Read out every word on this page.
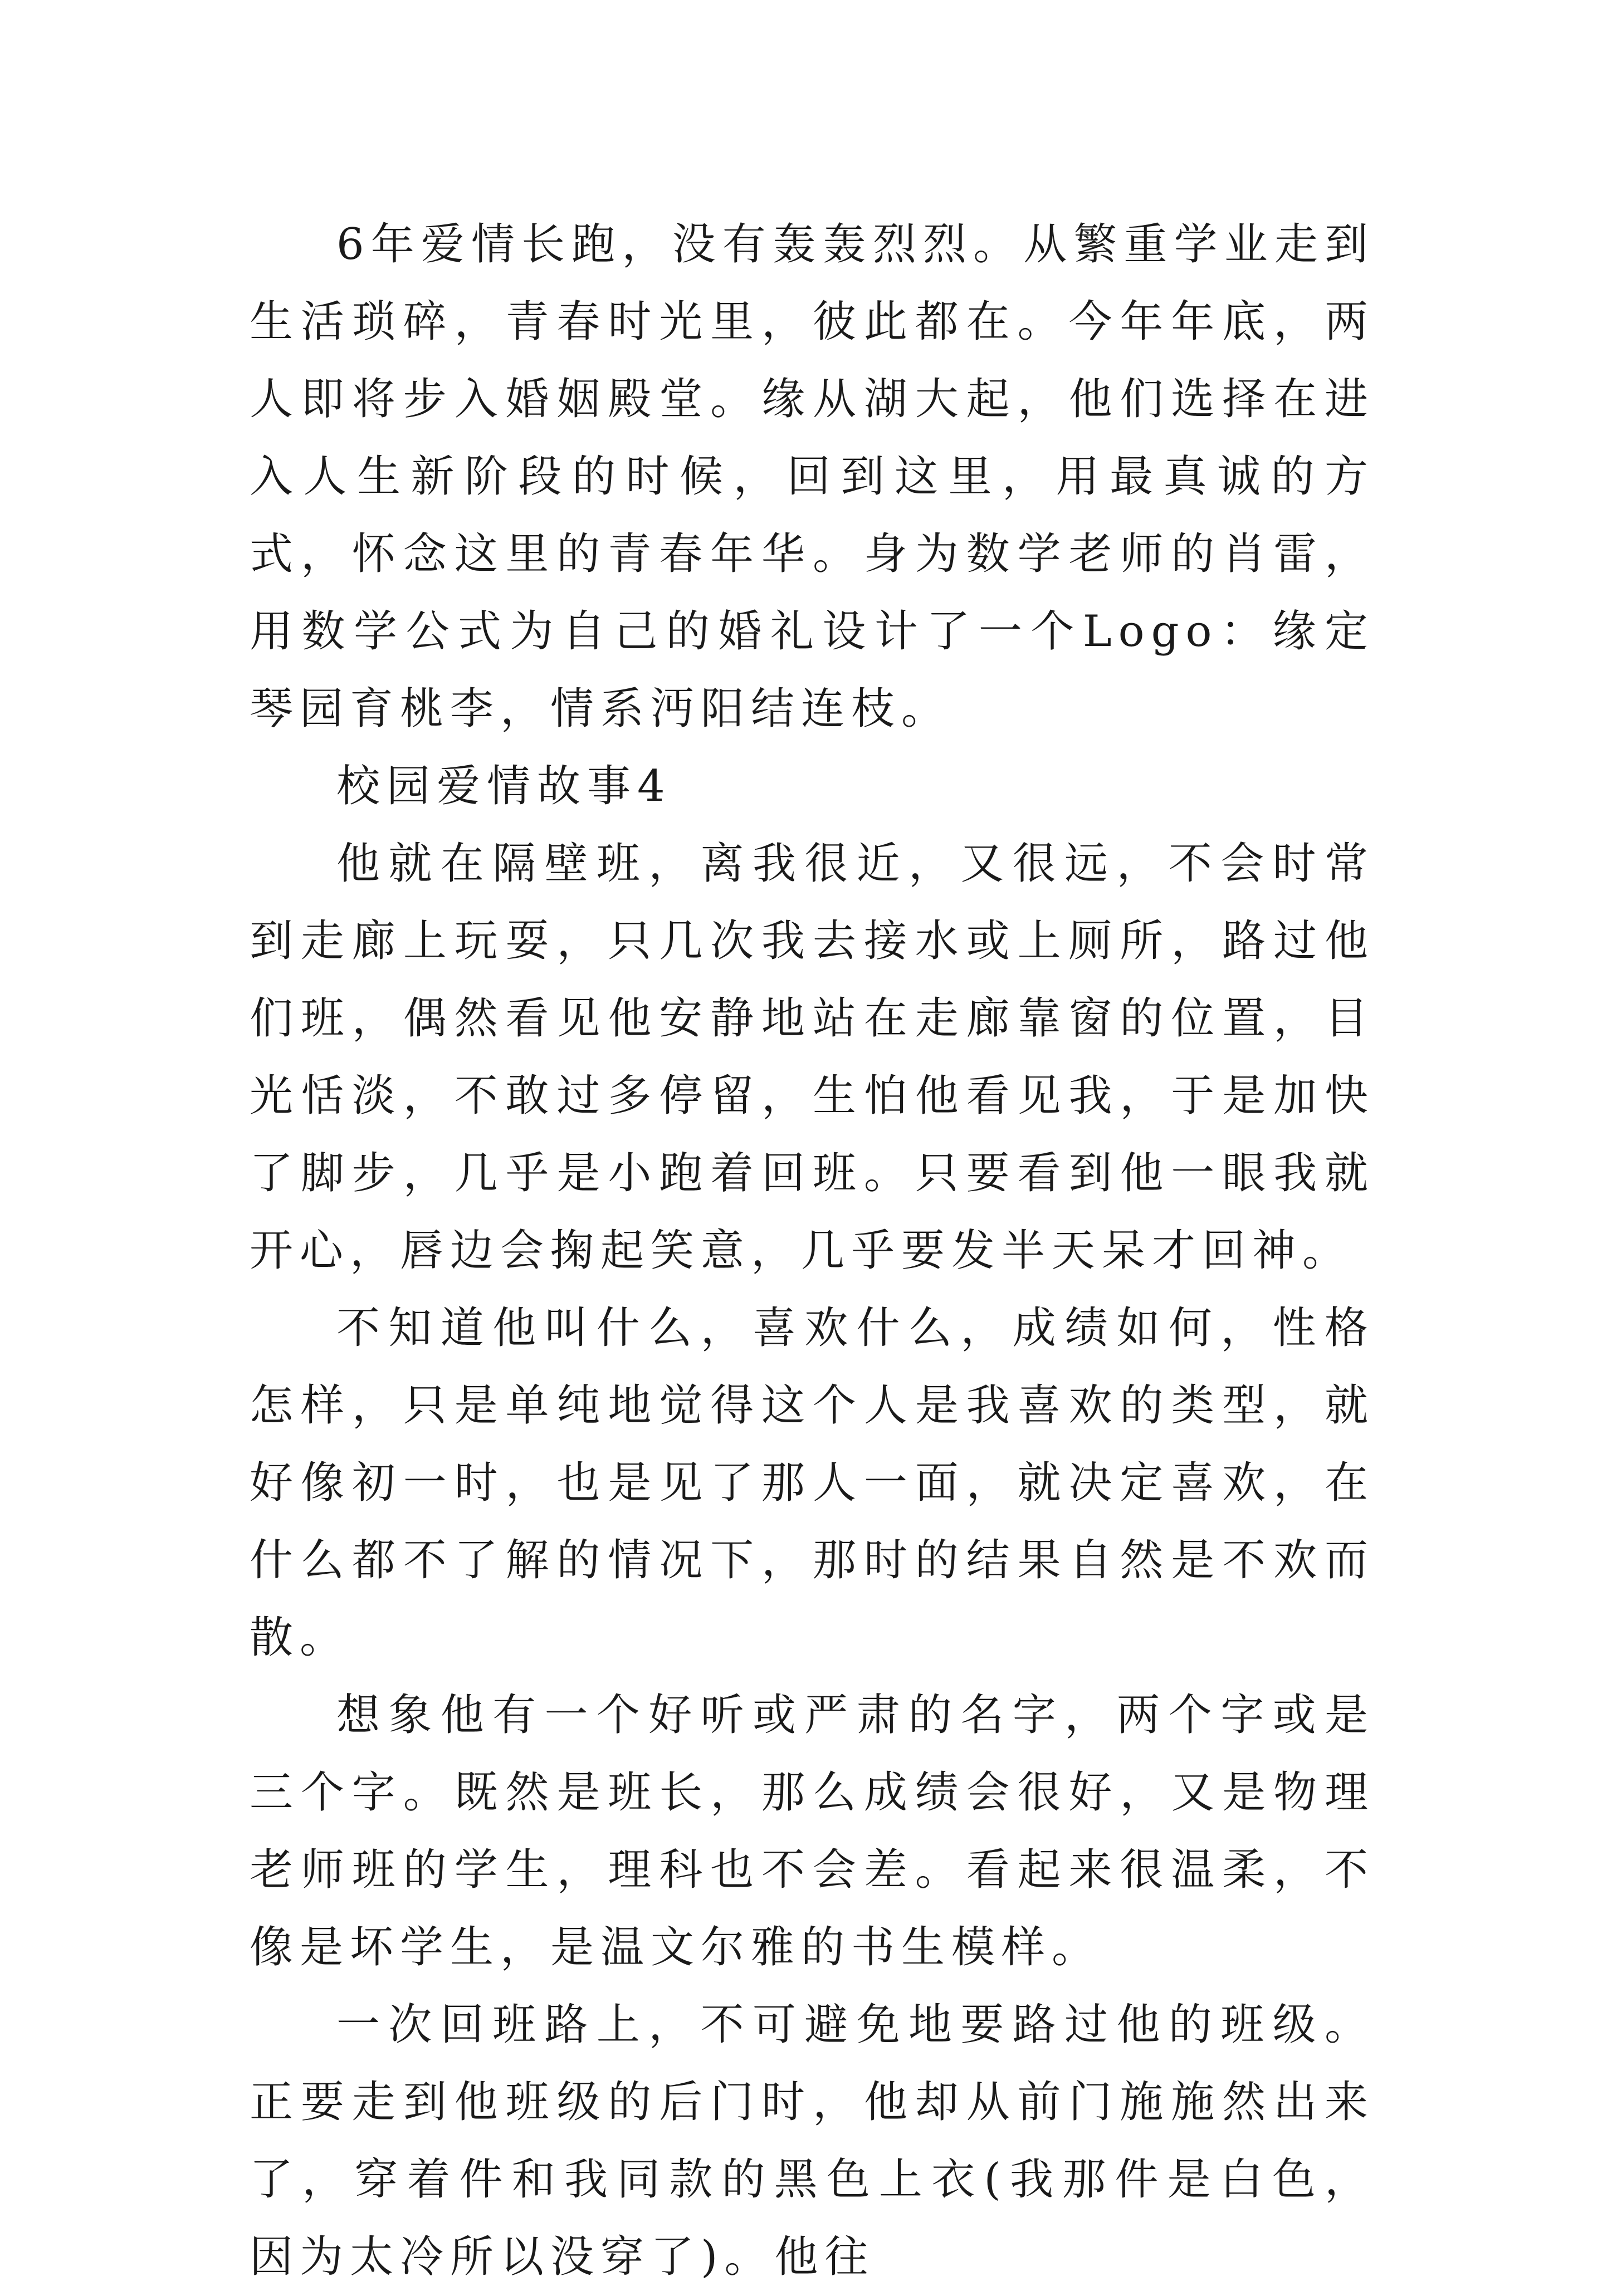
6年爱情长跑，没有轰轰烈烈。从繁重学业走到生活琐碎，青春时光里，彼此都在。今年年底，两人即将步入婚姻殿堂。缘从湖大起，他们选择在进入人生新阶段的时候，回到这里，用最真诚的方式，怀念这里的青春年华。身为数学老师的肖雷，用数学公式为自己的婚礼设计了一个Logo：缘定琴园育桃李，情系沔阳结连枝。

校园爱情故事4

他就在隔壁班，离我很近，又很远，不会时常到走廊上玩耍，只几次我去接水或上厕所，路过他们班，偶然看见他安静地站在走廊靠窗的位置，目光恬淡，不敢过多停留，生怕他看见我，于是加快了脚步，几乎是小跑着回班。只要看到他一眼我就开心，唇边会掬起笑意，几乎要发半天呆才回神。

不知道他叫什么，喜欢什么，成绩如何，性格怎样，只是单纯地觉得这个人是我喜欢的类型，就好像初一时，也是见了那人一面，就决定喜欢，在什么都不了解的情况下，那时的结果自然是不欢而散。

想象他有一个好听或严肃的名字，两个字或是三个字。既然是班长，那么成绩会很好，又是物理老师班的学生，理科也不会差。看起来很温柔，不像是坏学生，是温文尔雅的书生模样。

一次回班路上，不可避免地要路过他的班级。正要走到他班级的后门时，他却从前门施施然出来了，穿着件和我同款的黑色上衣(我那件是白色，因为太冷所以没穿了)。他往
